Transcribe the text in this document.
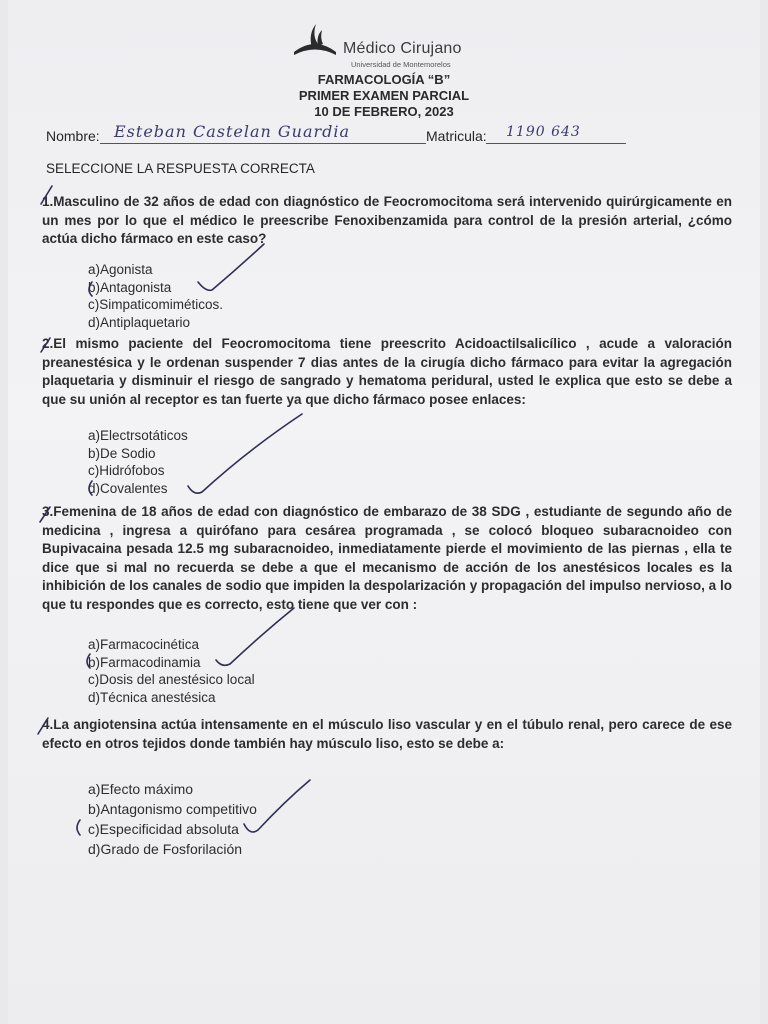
Médico Cirujano
Universidad de Montemorelos
FARMACOLOGÍA “B”
PRIMER EXAMEN PARCIAL
10 DE FEBRERO, 2023
Nombre: Esteban Castelan Guardia	Matricula: 1190 643
SELECCIONE LA RESPUESTA CORRECTA
1.Masculino de 32 años de edad con diagnóstico de Feocromocitoma será intervenido quirúrgicamente en un mes por lo que el médico le preescribe Fenoxibenzamida para control de la presión arterial, ¿cómo actúa dicho fármaco en este caso?
a)Agonista
b)Antagonista
c)Simpaticomiméticos.
d)Antiplaquetario
2.El mismo paciente del Feocromocitoma tiene preescrito Acidoactilsalicílico , acude a valoración preanestésica y le ordenan suspender 7 dias antes de la cirugía dicho fármaco para evitar la agregación plaquetaria y disminuir el riesgo de sangrado y hematoma peridural, usted le explica que esto se debe a que su unión al receptor es tan fuerte ya que dicho fármaco posee enlaces:
a)Electrsotáticos
b)De Sodio
c)Hidrófobos
d)Covalentes
3.Femenina de 18 años de edad con diagnóstico de embarazo de 38 SDG , estudiante de segundo año de medicina , ingresa a quirófano para cesárea programada , se colocó bloqueo subaracnoideo con Bupivacaina pesada 12.5 mg subaracnoideo, inmediatamente pierde el movimiento de las piernas , ella te dice que si mal no recuerda se debe a que el mecanismo de acción de los anestésicos locales es la inhibición de los canales de sodio que impiden la despolarización y propagación del impulso nervioso, a lo que tu respondes que es correcto, esto tiene que ver con :
a)Farmacocinética
b)Farmacodinamia
c)Dosis del anestésico local
d)Técnica anestésica
4.La angiotensina actúa intensamente en el músculo liso vascular y en el túbulo renal, pero carece de ese efecto en otros tejidos donde también hay músculo liso, esto se debe a:
a)Efecto máximo
b)Antagonismo competitivo
c)Especificidad absoluta
d)Grado de Fosforilación
